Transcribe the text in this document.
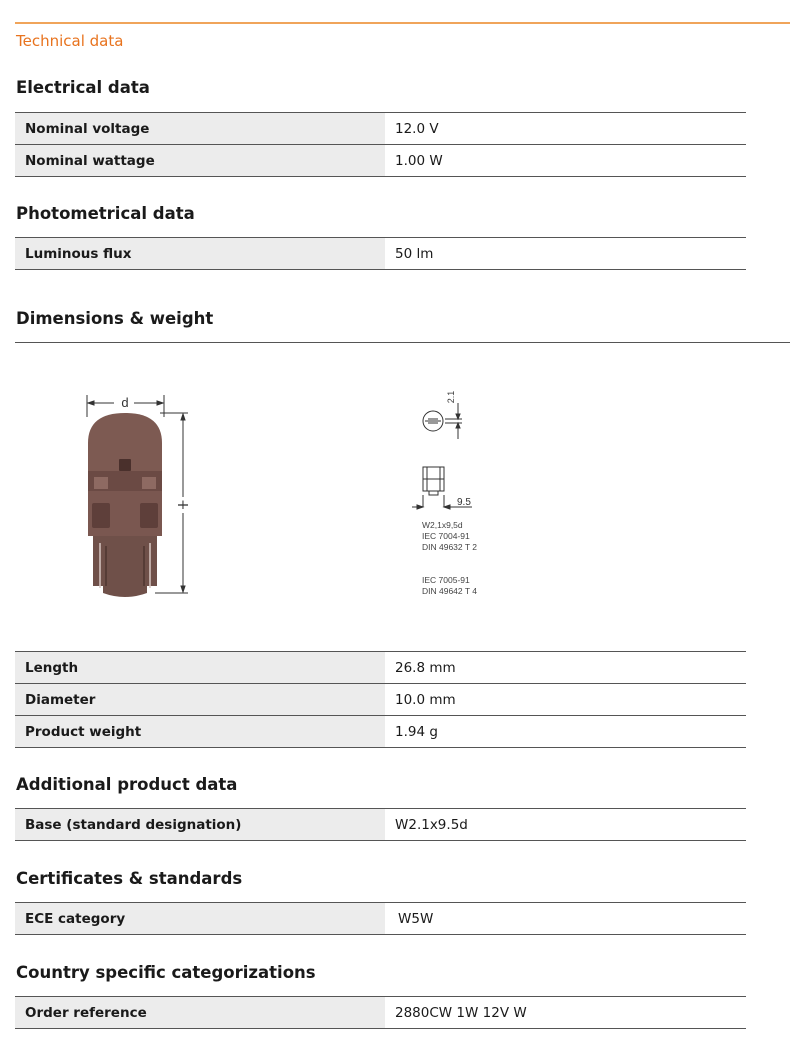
Technical data
Electrical data
Nominal voltage	12.0 V
Nominal wattage	1.00 W
Photometrical data
Luminous flux	50 lm
Dimensions & weight
d
l
2.1
9.5
W2,1x9,5d
IEC 7004-91
DIN 49632 T 2
IEC 7005-91
DIN 49642 T 4
Length	26.8 mm
Diameter	10.0 mm
Product weight	1.94 g
Additional product data
Base (standard designation)	W2.1x9.5d
Certificates & standards
ECE category	W5W
Country specific categorizations
Order reference	2880CW 1W 12V W
